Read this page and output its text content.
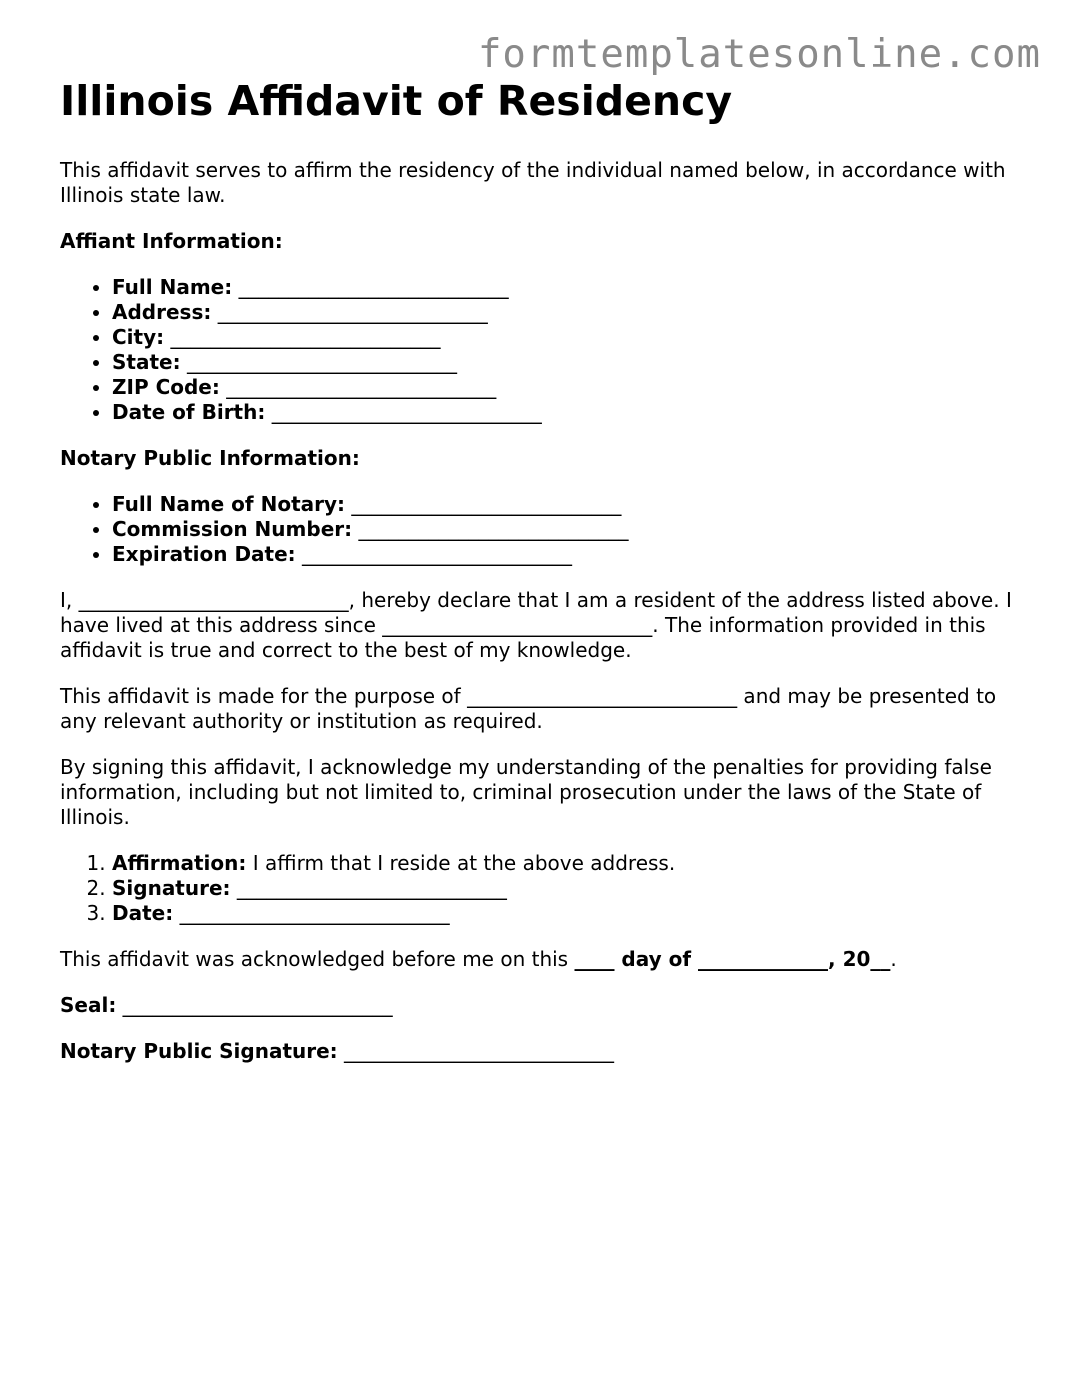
formtemplatesonline.com
Illinois Affidavit of Residency

This affidavit serves to affirm the residency of the individual named below, in accordance with Illinois state law.

Affiant Information:
• Full Name: ___________________________
• Address: ___________________________
• City: ___________________________
• State: ___________________________
• ZIP Code: ___________________________
• Date of Birth: ___________________________
Notary Public Information:
• Full Name of Notary: ___________________________
• Commission Number: ___________________________
• Expiration Date: ___________________________

I, ___________________________, hereby declare that I am a resident of the address listed above. I have lived at this address since ___________________________. The information provided in this affidavit is true and correct to the best of my knowledge.

This affidavit is made for the purpose of ___________________________ and may be presented to any relevant authority or institution as required.

By signing this affidavit, I acknowledge my understanding of the penalties for providing false information, including but not limited to, criminal prosecution under the laws of the State of Illinois.

1. Affirmation: I affirm that I reside at the above address.
2. Signature: ___________________________
3. Date: ___________________________

This affidavit was acknowledged before me on this ____ day of _____________, 20__.

Seal: ___________________________

Notary Public Signature: ___________________________
